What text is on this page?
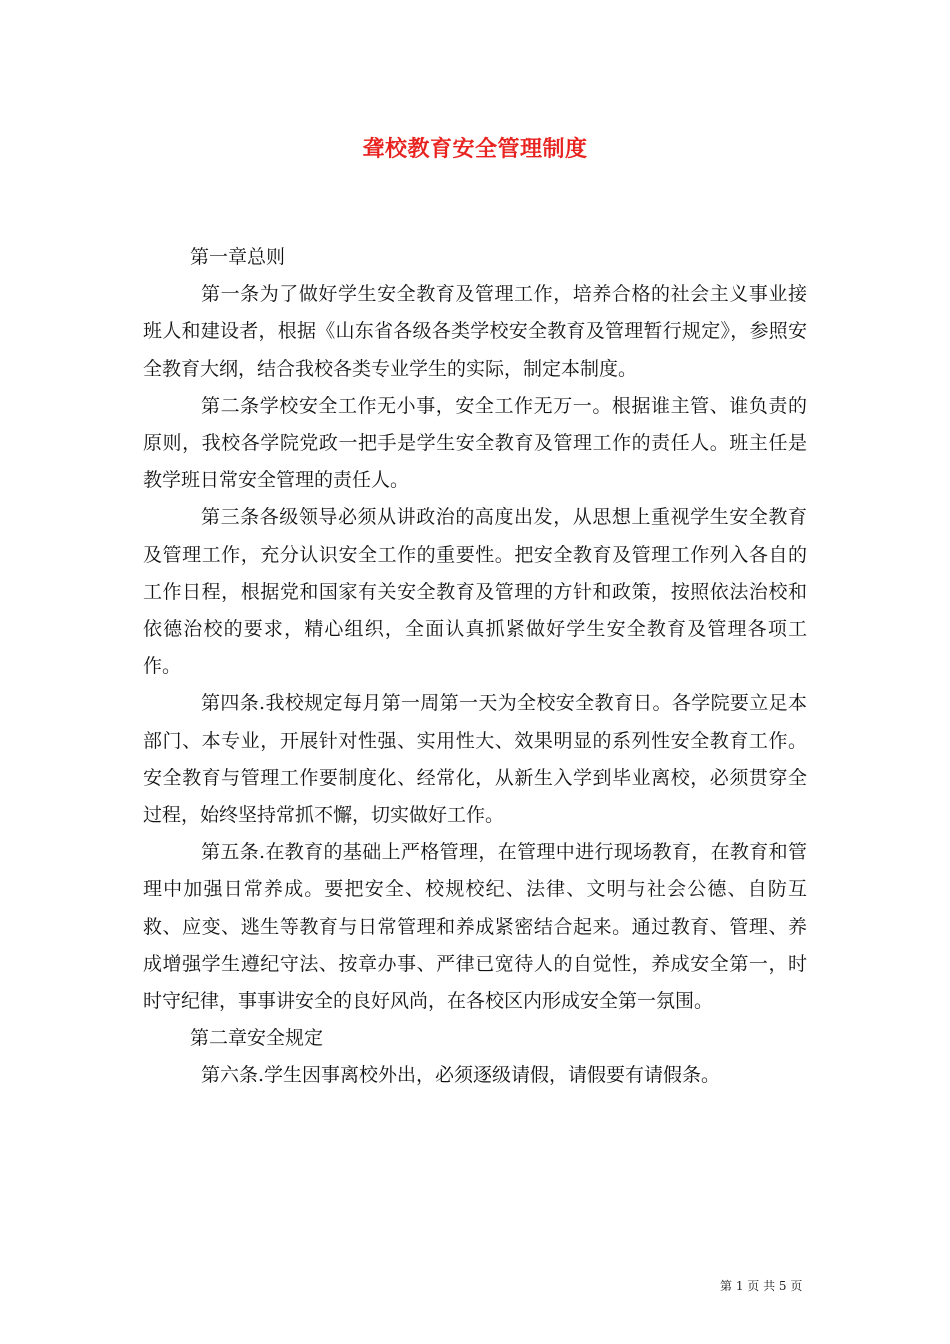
聋校教育安全管理制度

第一章总则

第一条为了做好学生安全教育及管理工作，培养合格的社会主义事业接班人和建设者，根据《山东省各级各类学校安全教育及管理暂行规定》，参照安全教育大纲，结合我校各类专业学生的实际，制定本制度。

第二条学校安全工作无小事，安全工作无万一。根据谁主管、谁负责的原则，我校各学院党政一把手是学生安全教育及管理工作的责任人。班主任是教学班日常安全管理的责任人。

第三条各级领导必须从讲政治的高度出发，从思想上重视学生安全教育及管理工作，充分认识安全工作的重要性。把安全教育及管理工作列入各自的工作日程，根据党和国家有关安全教育及管理的方针和政策，按照依法治校和依德治校的要求，精心组织，全面认真抓紧做好学生安全教育及管理各项工作。

第四条.我校规定每月第一周第一天为全校安全教育日。各学院要立足本部门、本专业，开展针对性强、实用性大、效果明显的系列性安全教育工作。安全教育与管理工作要制度化、经常化，从新生入学到毕业离校，必须贯穿全过程，始终坚持常抓不懈，切实做好工作。

第五条.在教育的基础上严格管理，在管理中进行现场教育，在教育和管理中加强日常养成。要把安全、校规校纪、法律、文明与社会公德、自防互救、应变、逃生等教育与日常管理和养成紧密结合起来。通过教育、管理、养成增强学生遵纪守法、按章办事、严律已宽待人的自觉性，养成安全第一，时时守纪律，事事讲安全的良好风尚，在各校区内形成安全第一氛围。

第二章安全规定

第六条.学生因事离校外出，必须逐级请假，请假要有请假条。

第 1 页 共 5 页
